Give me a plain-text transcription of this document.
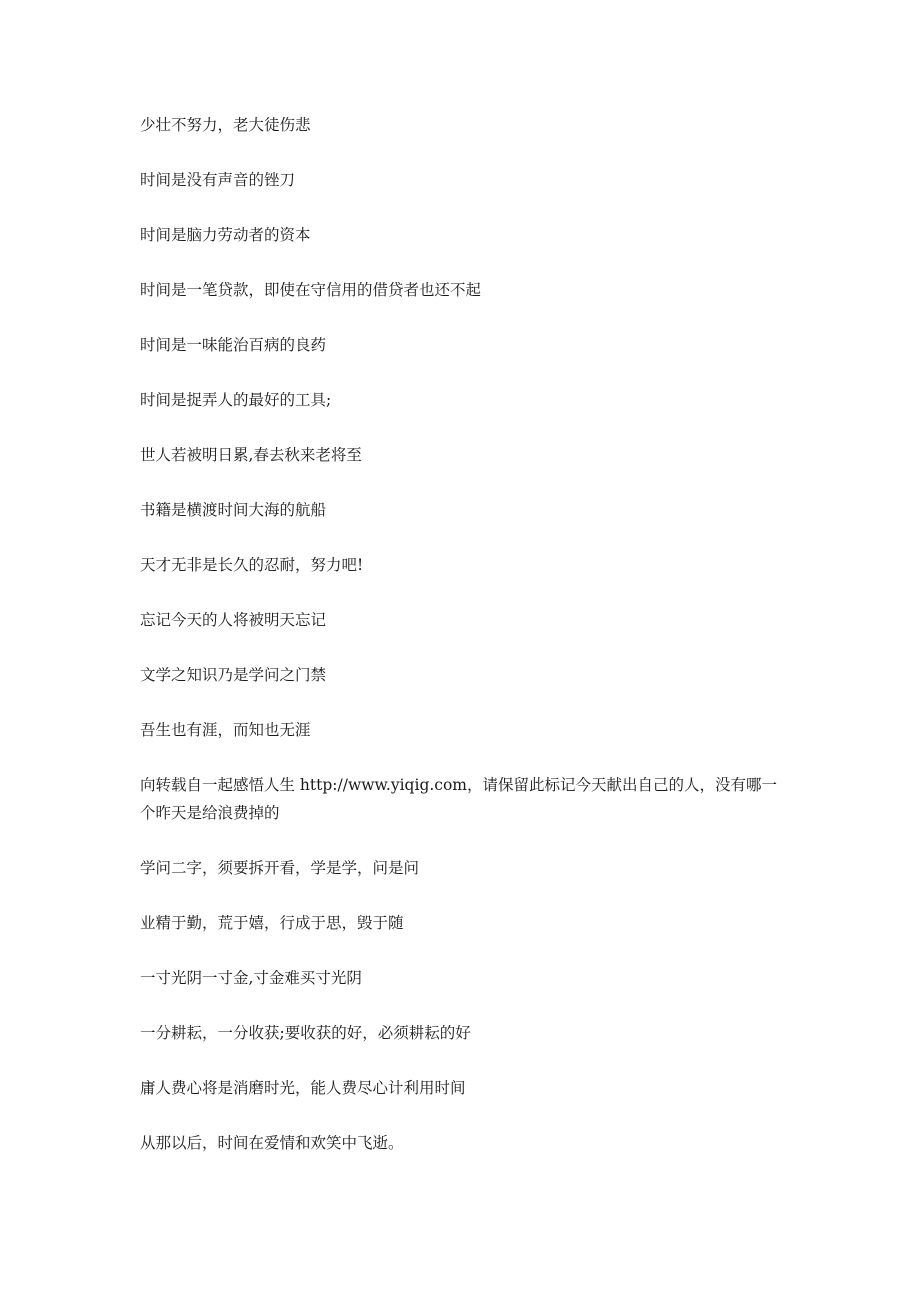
少壮不努力，老大徒伤悲

时间是没有声音的锉刀

时间是脑力劳动者的资本

时间是一笔贷款，即使在守信用的借贷者也还不起

时间是一味能治百病的良药

时间是捉弄人的最好的工具;

世人若被明日累,春去秋来老将至

书籍是横渡时间大海的航船

天才无非是长久的忍耐，努力吧!

忘记今天的人将被明天忘记

文学之知识乃是学问之门禁

吾生也有涯，而知也无涯

向转载自一起感悟人生 http://www.yiqig.com，请保留此标记今天献出自己的人，没有哪一个昨天是给浪费掉的

学问二字，须要拆开看，学是学，问是问

业精于勤，荒于嬉，行成于思，毁于随

一寸光阴一寸金,寸金难买寸光阴

一分耕耘，一分收获;要收获的好，必须耕耘的好

庸人费心将是消磨时光，能人费尽心计利用时间

从那以后，时间在爱情和欢笑中飞逝。
